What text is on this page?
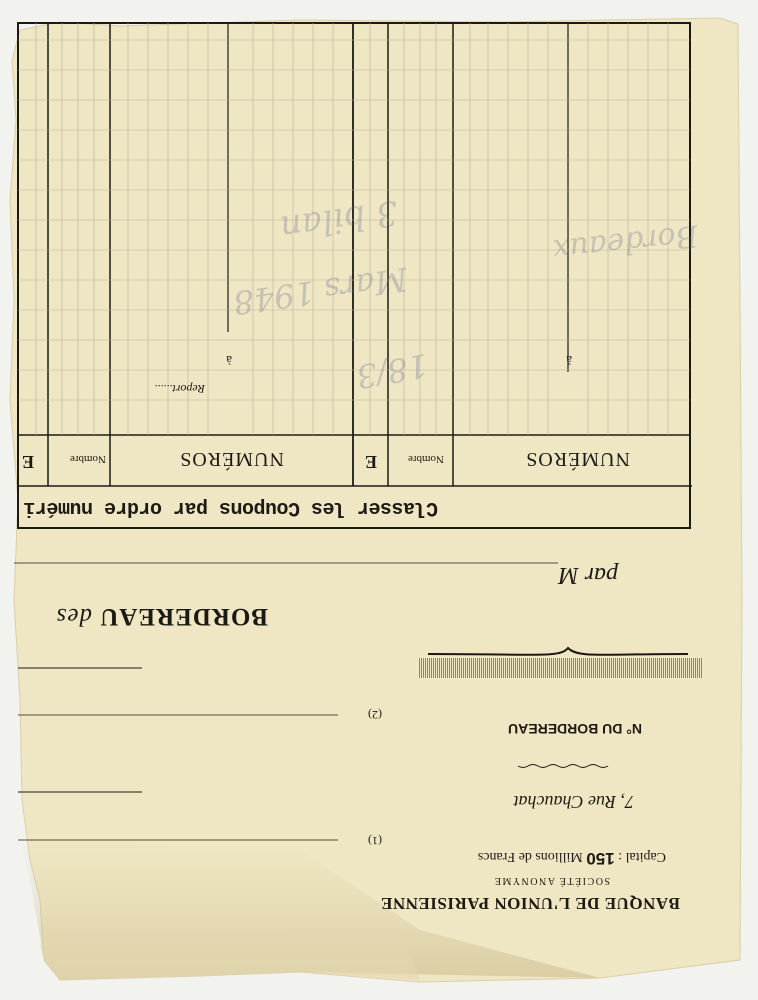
BANQUE DE L'UNION PARISIENNE
SOCIÉTÉ ANONYME
Capital : 150 Millions de Francs
7, Rue Chauchat
(1)
N° DU BORDEREAU
(2)
BORDEREAU des
par M
Classer les Coupons par ordre numéri
NUMÉROS
Nombre
E
NUMÉROS
Nombre
E
Report......
à
à
3 bilan	Bordeaux
Mars 1948
18/3
